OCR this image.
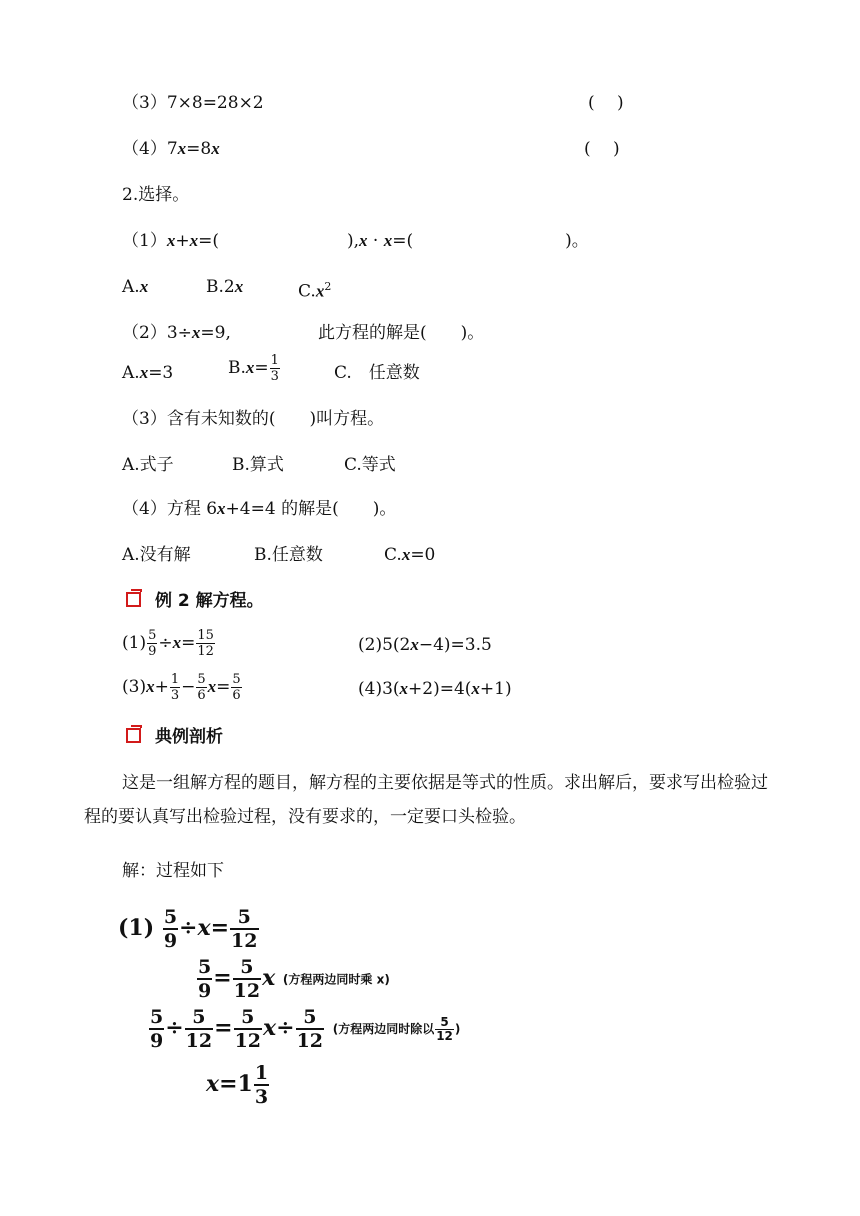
（3）7×8=28×2	(　 )
（4）7x=8x	(　 )
2.选择。
（1）x+x=(	),x · x=(	)。
A.x	B.2x	$C.x^2$
（2）3÷x=9,	此方程的解是(　　)。
A.x=3	$B.x= \frac{1}{3}$	C.　任意数
（3）含有未知数的(　　)叫方程。
A.式子	B.算式	C.等式
（4）方程 6x+4=4 的解是(　　)。
A.没有解	B.任意数	C.x=0
例 2 解方程。
$(1) \frac{5}{9} \div x= \frac{15}{12}$	(2)5(2x−4)=3.5
$(3)x+ \frac{1}{3} - \frac{5}{6} x= \frac{5}{6}$	(4)3(x+2)=4(x+1)
典例剖析
这是一组解方程的题目，解方程的主要依据是等式的性质。求出解后，要求写出检验过程的要认真写出检验过程，没有要求的，一定要口头检验。
解：过程如下
$(1) \frac{5}{9} \div x= \frac{5}{12}$
$\frac{5}{9} = \frac{5}{12}$ x (方程两边同时乘 x)
$\frac{5}{9} \div \frac{5}{12} = \frac{5}{12} x\div \frac{5}{12}$ (方程两边同时除以 $\frac{5}{12}$ )
$x=1 \frac{1}{3}$
